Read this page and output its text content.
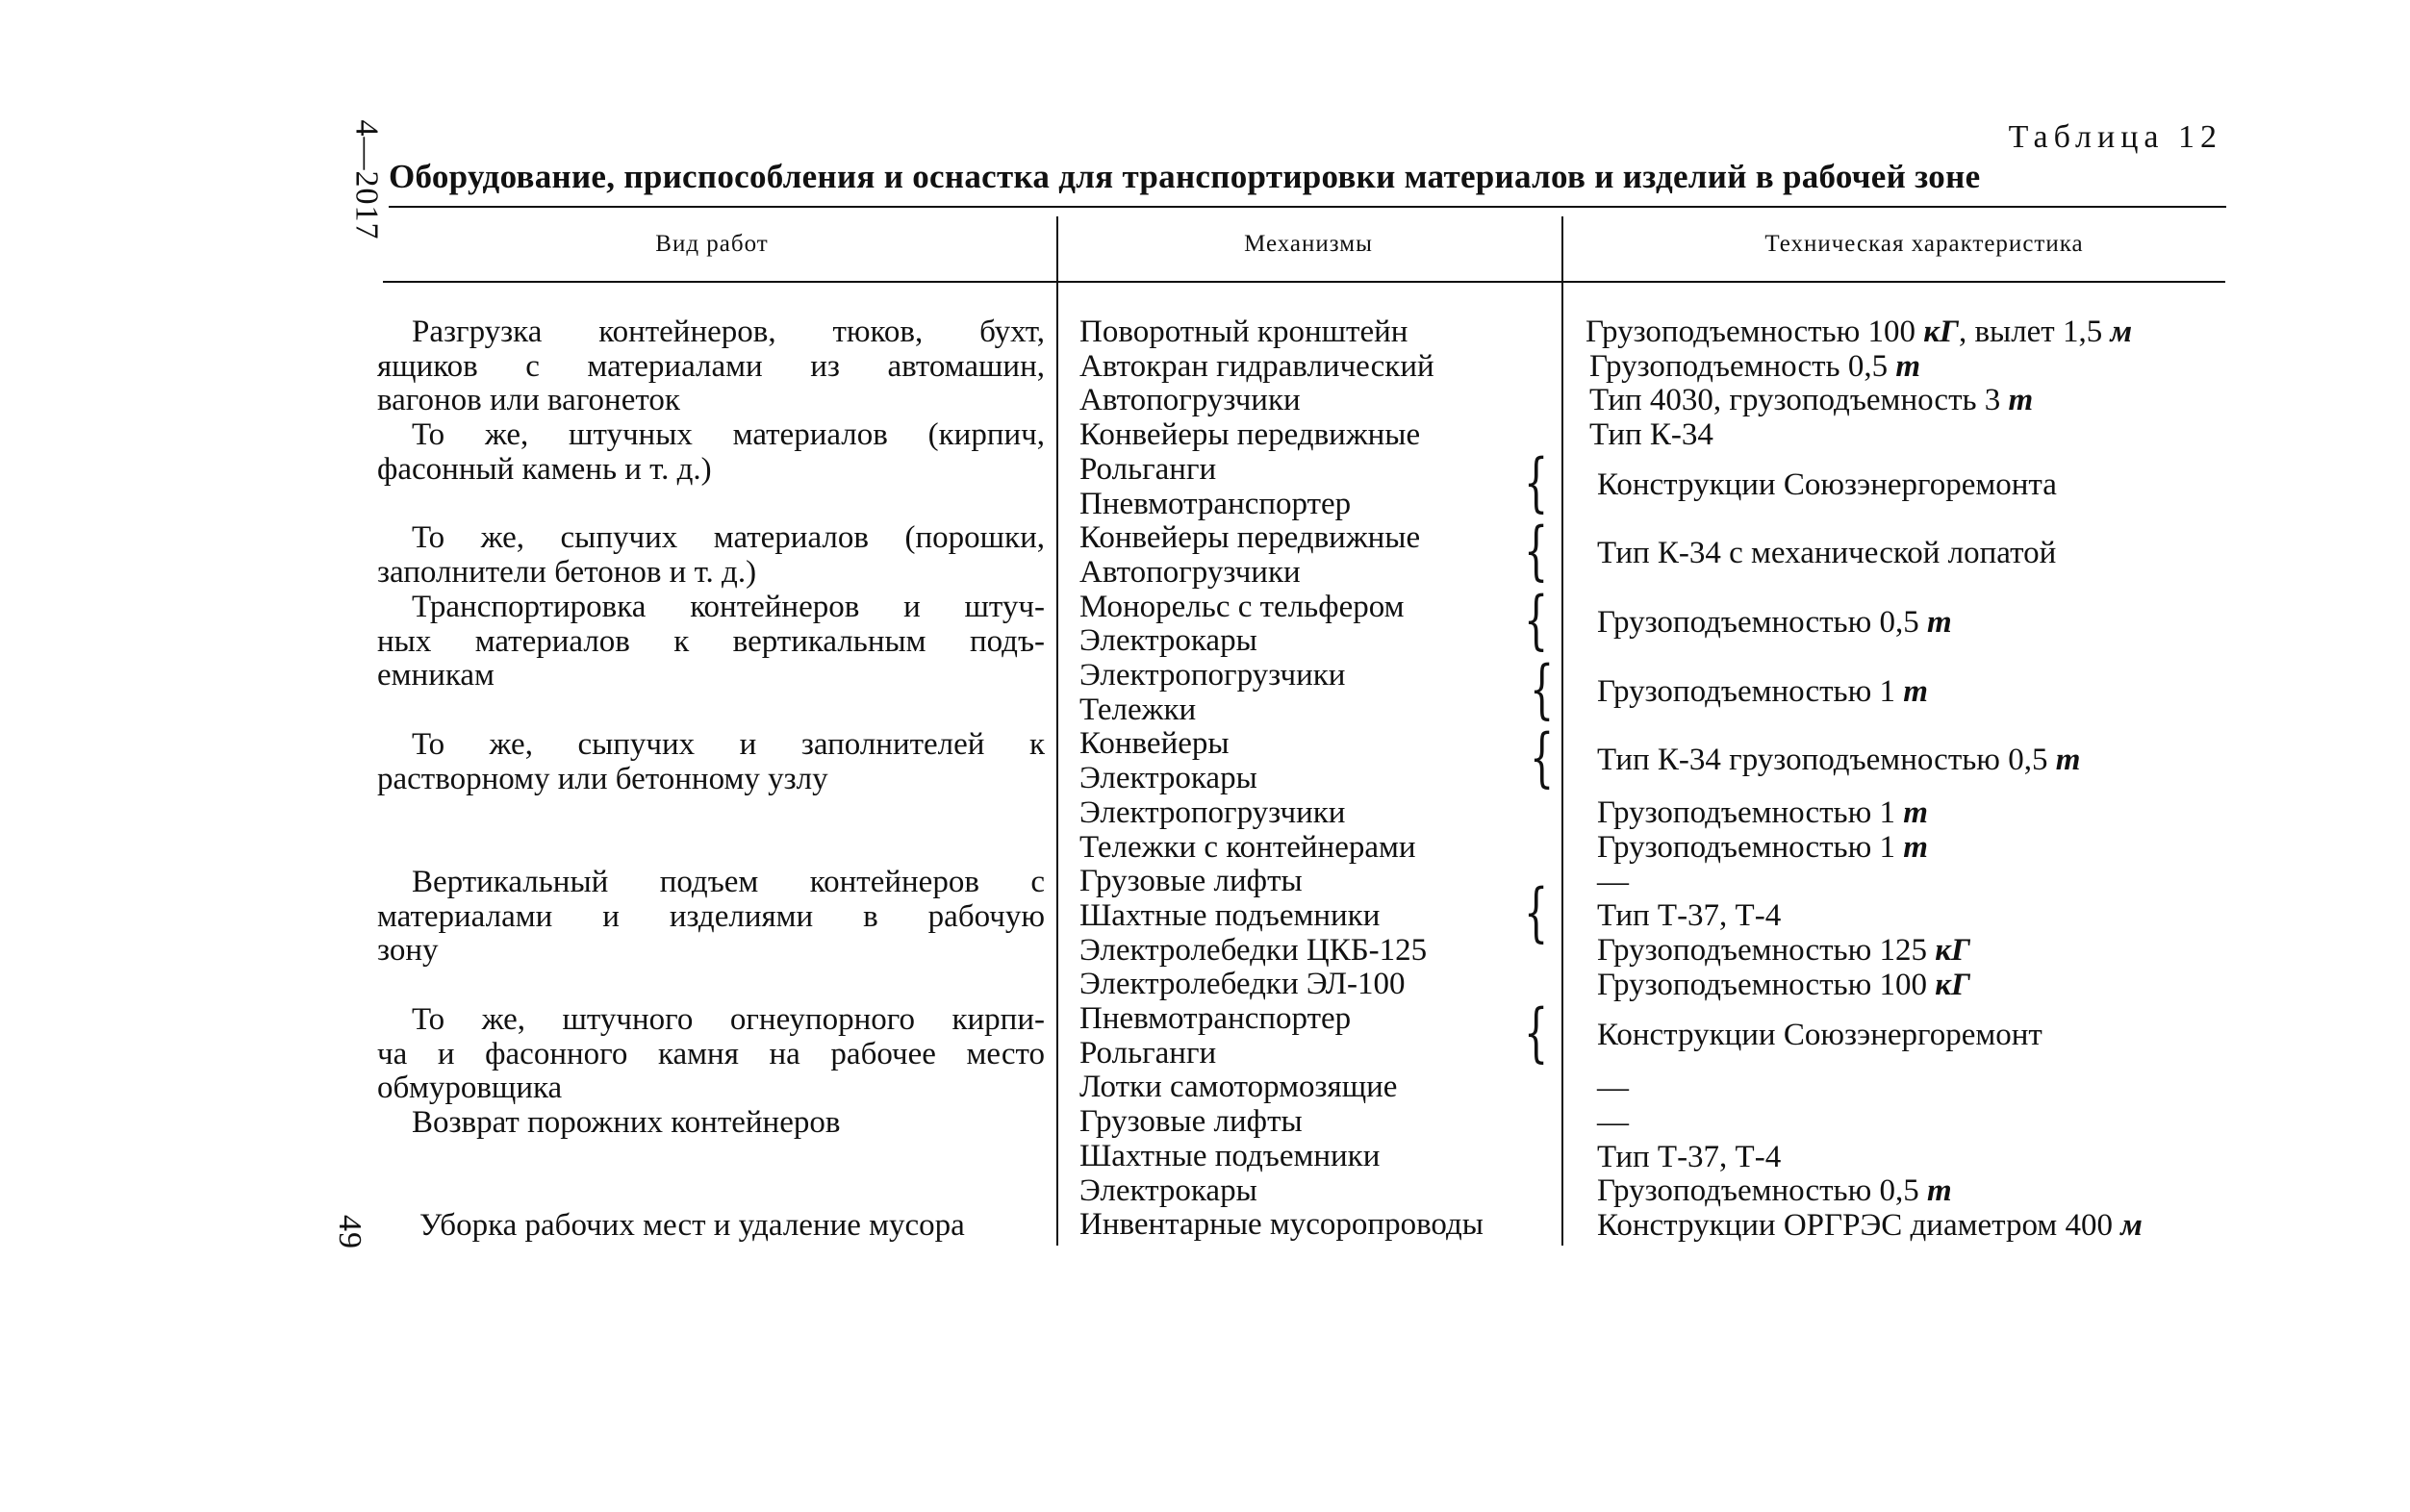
4—2017
49
Таблица 12
Оборудование, приспособления и оснастка для транспортировки материалов и изделий в рабочей зоне
Вид работ	Механизмы	Техническая характеристика
Разгрузка контейнеров, тюков, бухт,
ящиков с материалами из автомашин,
вагонов или вагонеток
То же, штучных материалов (кирпич,
фасонный камень и т. д.)
То же, сыпучих материалов (порошки,
заполнители бетонов и т. д.)
Транспортировка контейнеров и штуч-
ных материалов к вертикальным подъ-
емникам
То же, сыпучих и заполнителей к
растворному или бетонному узлу
Вертикальный подъем контейнеров с
материалами и изделиями в рабочую
зону
То же, штучного огнеупорного кирпи-
ча и фасонного камня на рабочее место
обмуровщика
Возврат порожних контейнеров
Уборка рабочих мест и удаление мусора
Поворотный кронштейн
Автокран гидравлический
Автопогрузчики
Конвейеры передвижные
Рольганги
Пневмотранспортер
Конвейеры передвижные
Автопогрузчики
Монорельс с тельфером
Электрокары
Электропогрузчики
Тележки
Конвейеры
Электрокары
Электропогрузчики
Тележки с контейнерами
Грузовые лифты
Шахтные подъемники
Электролебедки ЦКБ-125
Электролебедки ЭЛ-100
Пневмотранспортер
Рольганги
Лотки самотормозящие
Грузовые лифты
Шахтные подъемники
Электрокары
Инвентарные мусоропроводы
{
{
{
{
{
{
{
Грузоподъемностью 100 кГ, вылет 1,5 м
Грузоподъемность 0,5 т
Тип 4030, грузоподъемность 3 т
Тип К-34
Конструкции Союзэнергоремонта
Тип К-34 с механической лопатой
Грузоподъемностью 0,5 т
Грузоподъемностью 1 т
Тип К-34 грузоподъемностью 0,5 т
Грузоподъемностью 1 т
Грузоподъемностью 1 т
—
Тип Т-37, Т-4
Грузоподъемностью 125 кГ
Грузоподъемностью 100 кГ
Конструкции Союзэнергоремонт
—
—
Тип Т-37, Т-4
Грузоподъемностью 0,5 т
Конструкции ОРГРЭС диаметром 400 м
